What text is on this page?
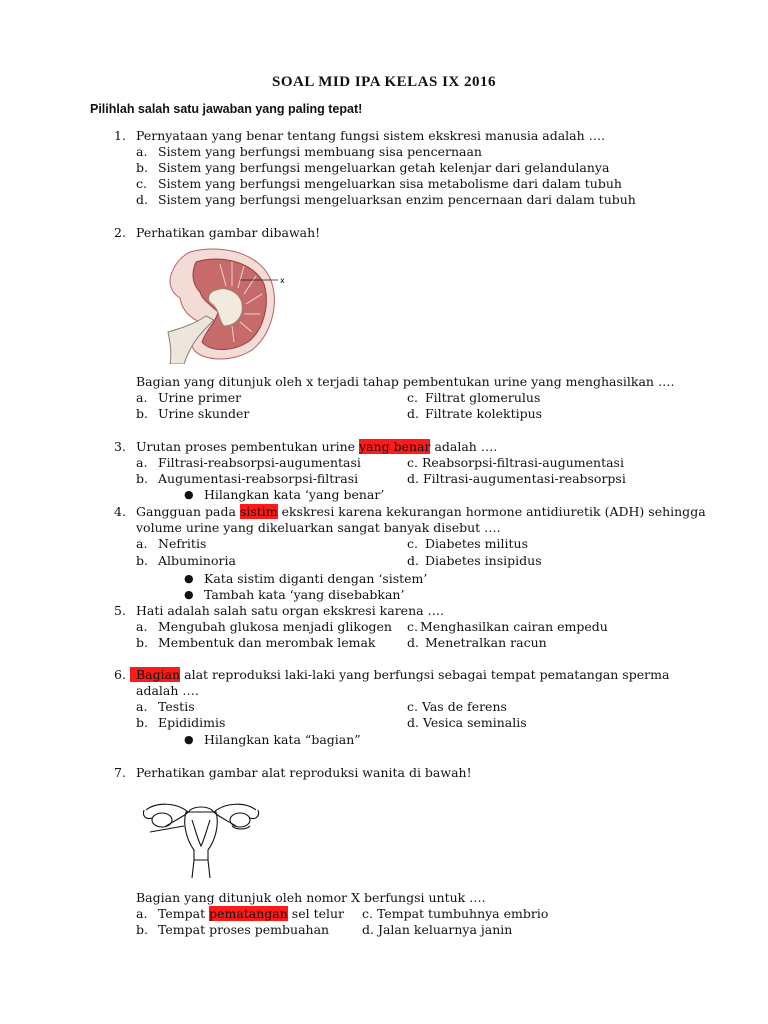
SOAL MID IPA KELAS IX 2016
Pilihlah salah satu jawaban yang paling tepat!
1. Pernyataan yang benar tentang fungsi sistem ekskresi manusia adalah ….
a. Sistem yang berfungsi membuang sisa pencernaan
b. Sistem yang berfungsi mengeluarkan getah kelenjar dari gelandulanya
c. Sistem yang berfungsi mengeluarkan sisa metabolisme dari dalam tubuh
d. Sistem yang berfungsi mengeluarksan enzim pencernaan dari dalam tubuh
2. Perhatikan gambar dibawah!
x
Bagian yang ditunjuk oleh x terjadi tahap pembentukan urine yang menghasilkan ….
a. Urine primer	c. Filtrat glomerulus
b. Urine skunder	d. Filtrate kolektipus
3. Urutan proses pembentukan urine yang benar adalah ….
a. Filtrasi-reabsorpsi-augumentasi	c. Reabsorpsi-filtrasi-augumentasi
b. Augumentasi-reabsorpsi-filtrasi	d. Filtrasi-augumentasi-reabsorpsi
● Hilangkan kata ‘yang benar’
4. Gangguan pada sistim ekskresi karena kekurangan hormone antidiuretik (ADH) sehingga
volume urine yang dikeluarkan sangat banyak disebut ….
a. Nefritis	c. Diabetes militus
b. Albuminoria	d. Diabetes insipidus
● Kata sistim diganti dengan ‘sistem’
● Tambah kata ‘yang disebabkan’
5. Hati adalah salah satu organ ekskresi karena ….
a. Mengubah glukosa menjadi glikogen c. Menghasilkan cairan empedu
b. Membentuk dan merombak lemak	d. Menetralkan racun
6. Bagian alat reproduksi laki-laki yang berfungsi sebagai tempat pematangan sperma
adalah ….
a. Testis	c. Vas de ferens
b. Epididimis	d. Vesica seminalis
● Hilangkan kata “bagian”
7. Perhatikan gambar alat reproduksi wanita di bawah!
Bagian yang ditunjuk oleh nomor X berfungsi untuk ….
a. Tempat pematangan sel telur c. Tempat tumbuhnya embrio
b. Tempat proses pembuahan	d. Jalan keluarnya janin
